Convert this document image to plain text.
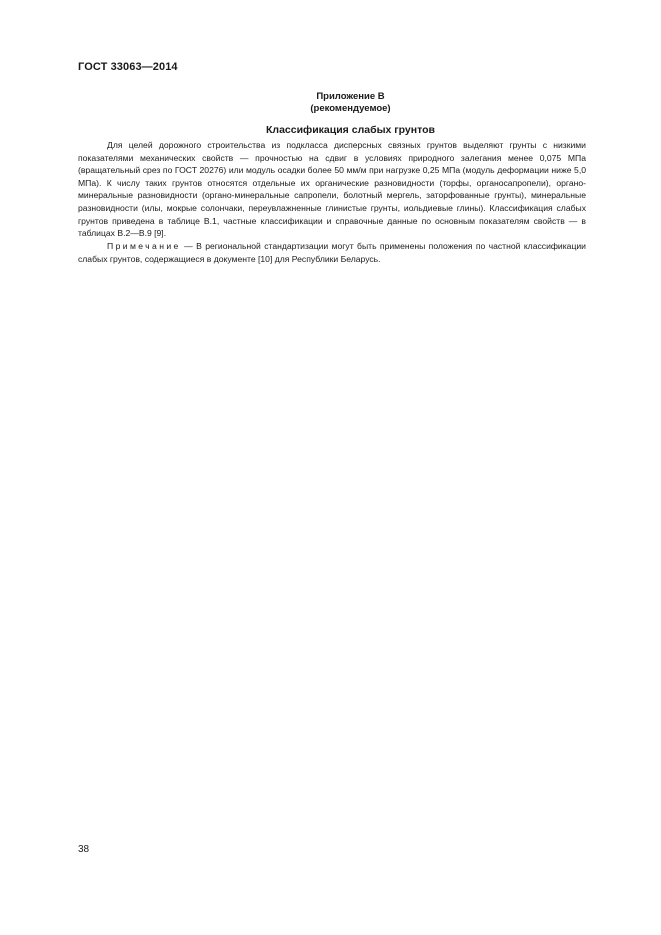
ГОСТ 33063—2014
Приложение В
(рекомендуемое)
Классификация слабых грунтов
Для целей дорожного строительства из подкласса дисперсных связных грунтов выделяют грунты с низкими показателями механических свойств — прочностью на сдвиг в условиях природного залегания менее 0,075 МПа (вращательный срез по ГОСТ 20276) или модуль осадки более 50 мм/м при нагрузке 0,25 МПа (модуль деформации ниже 5,0 МПа). К числу таких грунтов относятся отдельные их органические разновидности (торфы, органосапропели), органо-минеральные разновидности (органо-минеральные сапропели, болотный мергель, заторфованные грунты), минеральные разновидности (илы, мокрые солончаки, переувлажненные глинистые грунты, иольдиевые глины). Классификация слабых грунтов приведена в таблице В.1, частные классификации и справочные данные по основным показателям свойств — в таблицах В.2—В.9 [9].
Примечание — В региональной стандартизации могут быть применены положения по частной классификации слабых грунтов, содержащиеся в документе [10] для Республики Беларусь.
38
